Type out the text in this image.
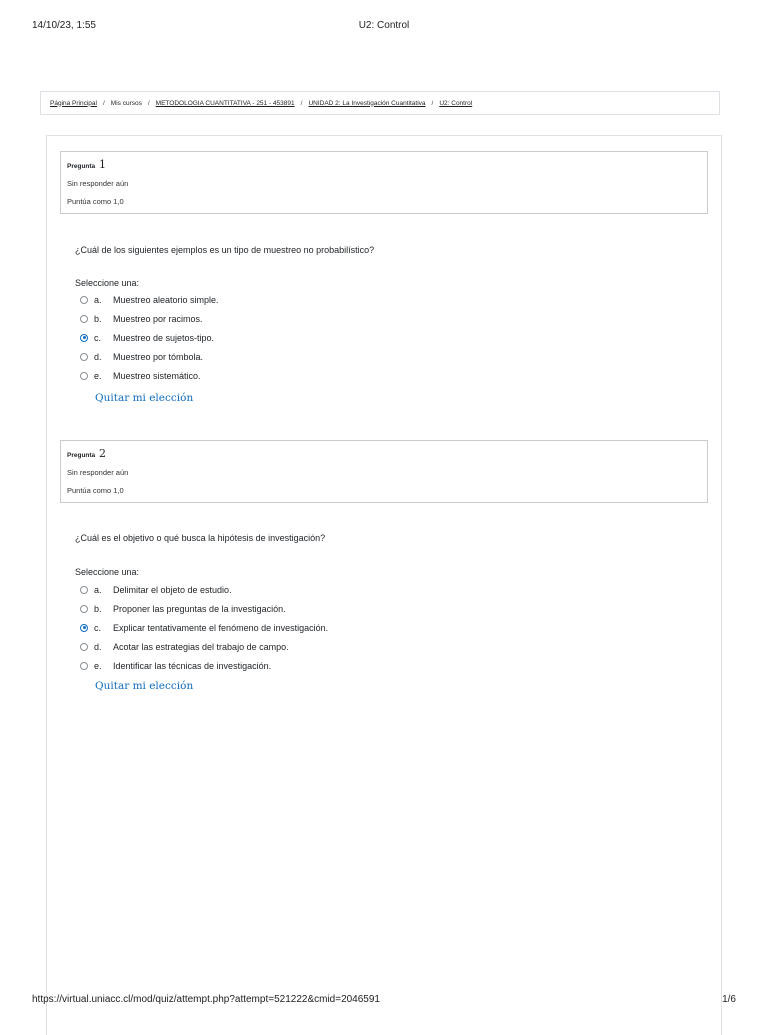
14/10/23, 1:55	U2: Control
Página Principal / Mis cursos / METODOLOGIA CUANTITATIVA - 251 - 453891 / UNIDAD 2: La Investigación Cuantitativa / U2: Control
Pregunta 1
Sin responder aún
Puntúa como 1,0
¿Cuál de los siguientes ejemplos es un tipo de muestreo no probabilístico?
Seleccione una:
a.	Muestreo aleatorio simple.
b.	Muestreo por racimos.
c.	Muestreo de sujetos-tipo.
d.	Muestreo por tómbola.
e.	Muestreo sistemático.
Quitar mi elección
Pregunta 2
Sin responder aún
Puntúa como 1,0
¿Cuál es el objetivo o qué busca la hipótesis de investigación?
Seleccione una:
a.	Delimitar el objeto de estudio.
b.	Proponer las preguntas de la investigación.
c.	Explicar tentativamente el fenómeno de investigación.
d.	Acotar las estrategias del trabajo de campo.
e.	Identificar las técnicas de investigación.
Quitar mi elección
https://virtual.uniacc.cl/mod/quiz/attempt.php?attempt=521222&cmid=2046591	1/6
